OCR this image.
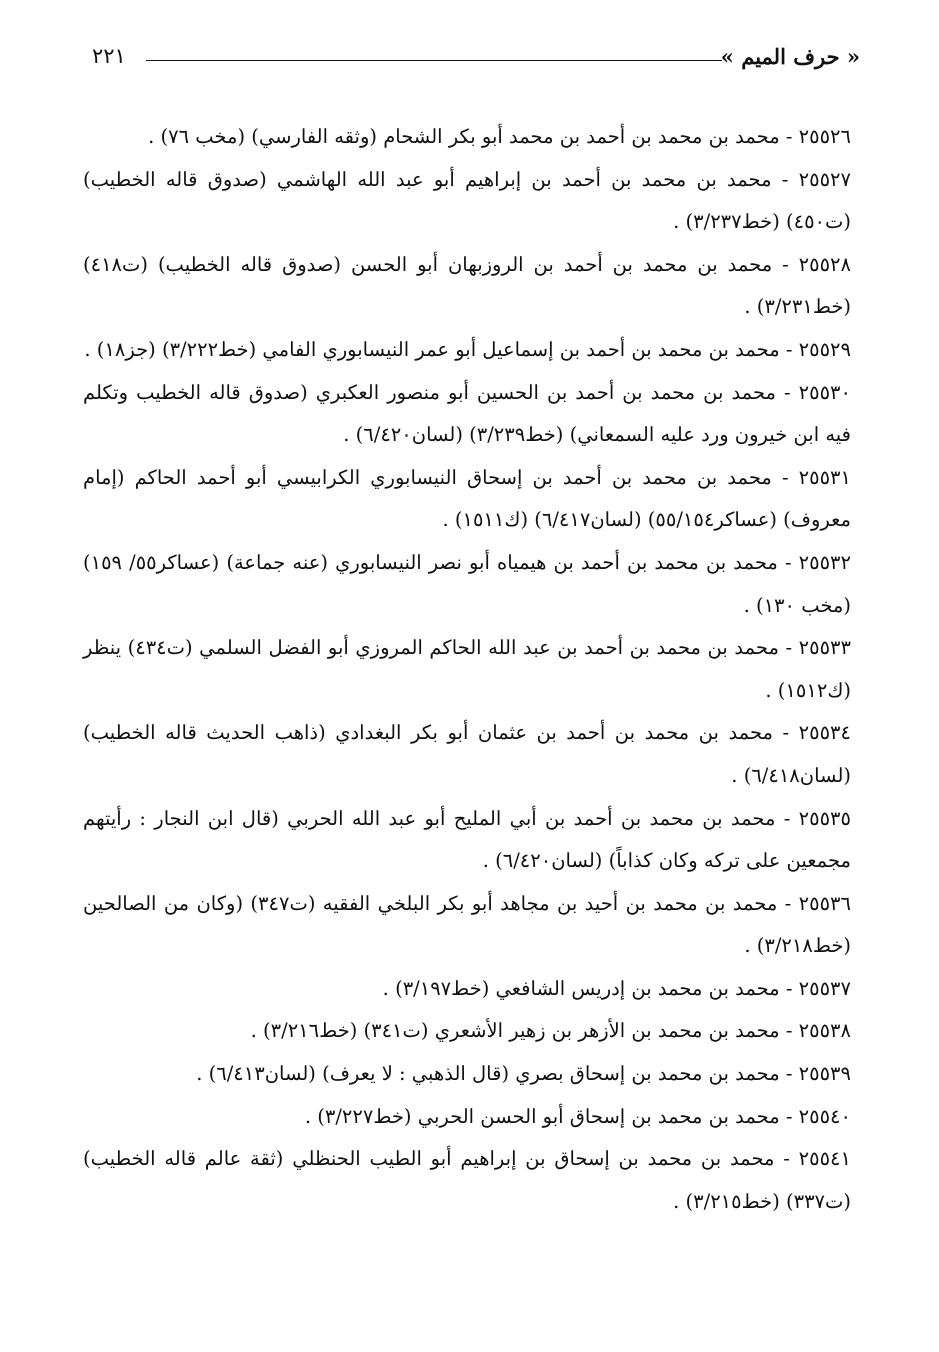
٢٢١	« حرف الميم »

٢٥٥٢٦ - محمد بن محمد بن أحمد بن محمد أبو بكر الشحام (وثقه الفارسي) (مخب ٧٦) .

٢٥٥٢٧ - محمد بن محمد بن أحمد بن إبراهيم أبو عبد الله الهاشمي (صدوق قاله الخطيب) (ت٤٥٠) (خط٣/٢٣٧) .

٢٥٥٢٨ - محمد بن محمد بن أحمد بن الروزبهان أبو الحسن (صدوق قاله الخطيب) (ت٤١٨) (خط٣/٢٣١) .

٢٥٥٢٩ - محمد بن محمد بن أحمد بن إسماعيل أبو عمر النيسابوري الفامي (خط٣/٢٢٢) (جز١٨) .

٢٥٥٣٠ - محمد بن محمد بن أحمد بن الحسين أبو منصور العكبري (صدوق قاله الخطيب وتكلم فيه ابن خيرون ورد عليه السمعاني) (خط٣/٢٣٩) (لسان٦/٤٢٠) .

٢٥٥٣١ - محمد بن محمد بن أحمد بن إسحاق النيسابوري الكرابيسي أبو أحمد الحاكم (إمام معروف) (عساكر٥٥/١٥٤) (لسان٦/٤١٧) (ك١٥١١) .

٢٥٥٣٢ - محمد بن محمد بن أحمد بن هيمياه أبو نصر النيسابوري (عنه جماعة) (عساكر٥٥/ ١٥٩) (مخب ١٣٠) .

٢٥٥٣٣ - محمد بن محمد بن أحمد بن عبد الله الحاكم المروزي أبو الفضل السلمي (ت٤٣٤) ينظر (ك١٥١٢) .

٢٥٥٣٤ - محمد بن محمد بن أحمد بن عثمان أبو بكر البغدادي (ذاهب الحديث قاله الخطيب) (لسان٦/٤١٨) .

٢٥٥٣٥ - محمد بن محمد بن أحمد بن أبي المليح أبو عبد الله الحربي (قال ابن النجار : رأيتهم مجمعين على تركه وكان كذاباً) (لسان٦/٤٢٠) .

٢٥٥٣٦ - محمد بن محمد بن أحيد بن مجاهد أبو بكر البلخي الفقيه (ت٣٤٧) (وكان من الصالحين (خط٣/٢١٨) .

٢٥٥٣٧ - محمد بن محمد بن إدريس الشافعي (خط٣/١٩٧) .

٢٥٥٣٨ - محمد بن محمد بن الأزهر بن زهير الأشعري (ت٣٤١) (خط٣/٢١٦) .

٢٥٥٣٩ - محمد بن محمد بن إسحاق بصري (قال الذهبي : لا يعرف) (لسان٦/٤١٣) .

٢٥٥٤٠ - محمد بن محمد بن إسحاق أبو الحسن الحربي (خط٣/٢٢٧) .

٢٥٥٤١ - محمد بن محمد بن إسحاق بن إبراهيم أبو الطيب الحنظلي (ثقة عالم قاله الخطيب) (ت٣٣٧) (خط٣/٢١٥) .
